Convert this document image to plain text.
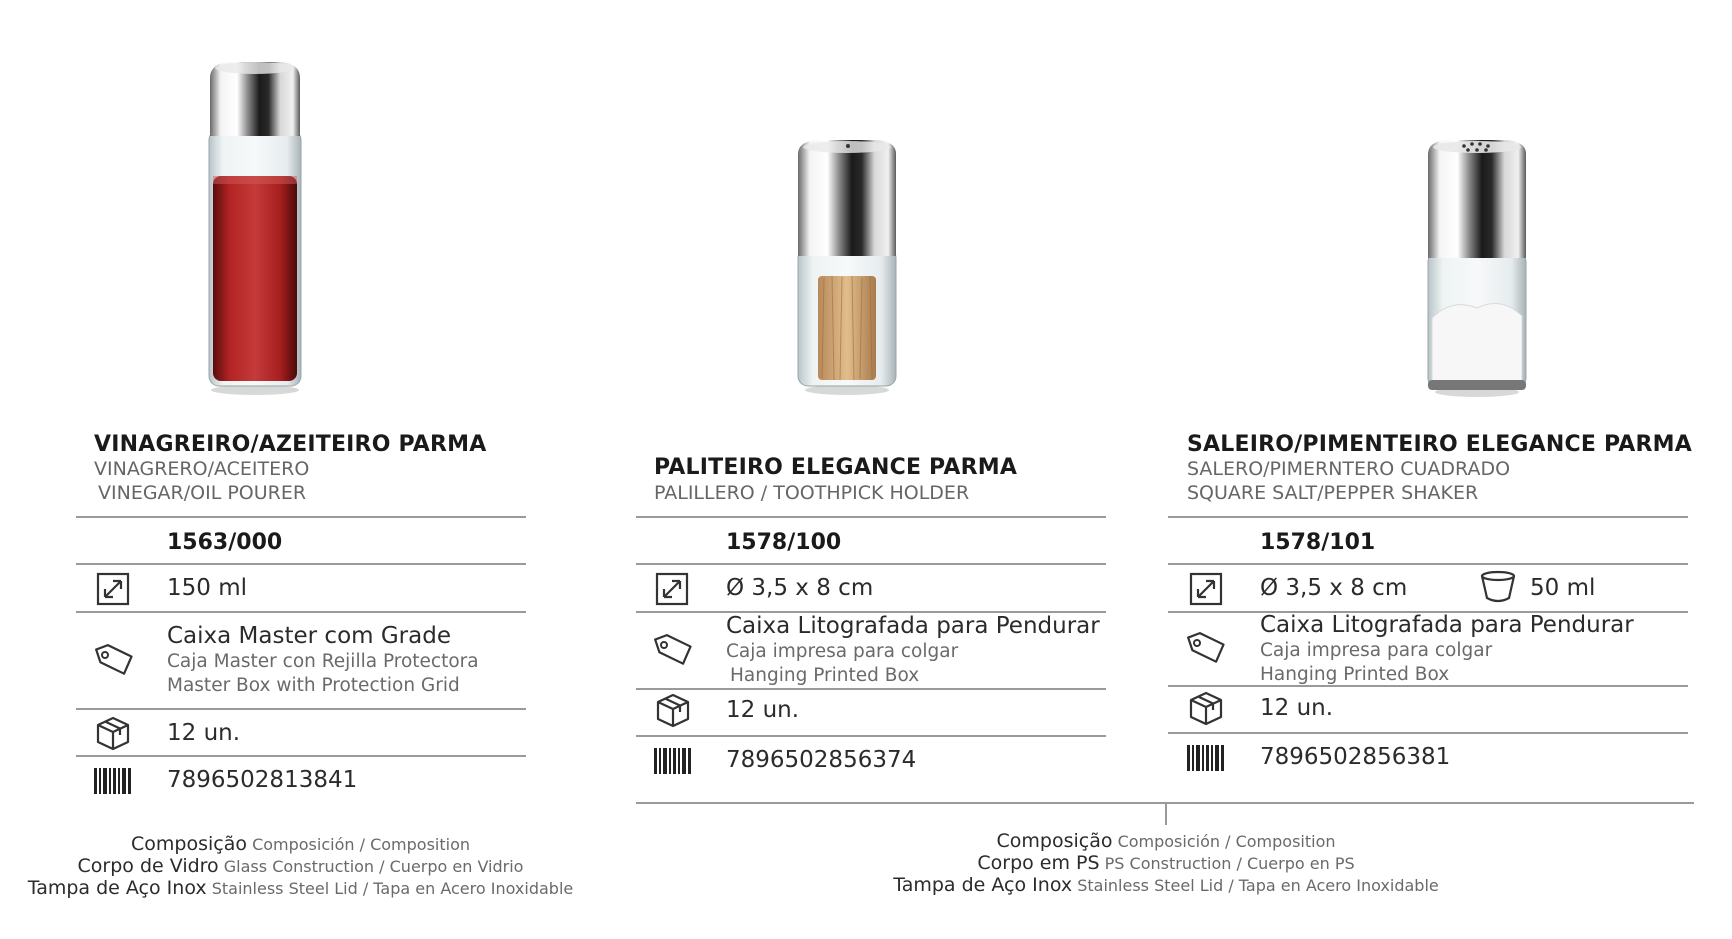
VINAGREIRO/AZEITEIRO PARMA
VINAGRERO/ACEITERO
VINEGAR/OIL POURER
1563/000
150 ml
Caixa Master com Grade
Caja Master con Rejilla Protectora
Master Box with Protection Grid
12 un.
7896502813841
Composição Composición / Composition
Corpo de Vidro Glass Construction / Cuerpo en Vidrio
Tampa de Aço Inox Stainless Steel Lid / Tapa en Acero Inoxidable
PALITEIRO ELEGANCE PARMA
PALILLERO / TOOTHPICK HOLDER
1578/100
Ø 3,5 x 8 cm
Caixa Litografada para Pendurar
Caja impresa para colgar
Hanging Printed Box
12 un.
7896502856374
SALEIRO/PIMENTEIRO ELEGANCE PARMA
SALERO/PIMERNTERO CUADRADO
SQUARE SALT/PEPPER SHAKER
1578/101
Ø 3,5 x 8 cm	50 ml
Caixa Litografada para Pendurar
Caja impresa para colgar
Hanging Printed Box
12 un.
7896502856381
Composição Composición / Composition
Corpo em PS PS Construction / Cuerpo en PS
Tampa de Aço Inox Stainless Steel Lid / Tapa en Acero Inoxidable
